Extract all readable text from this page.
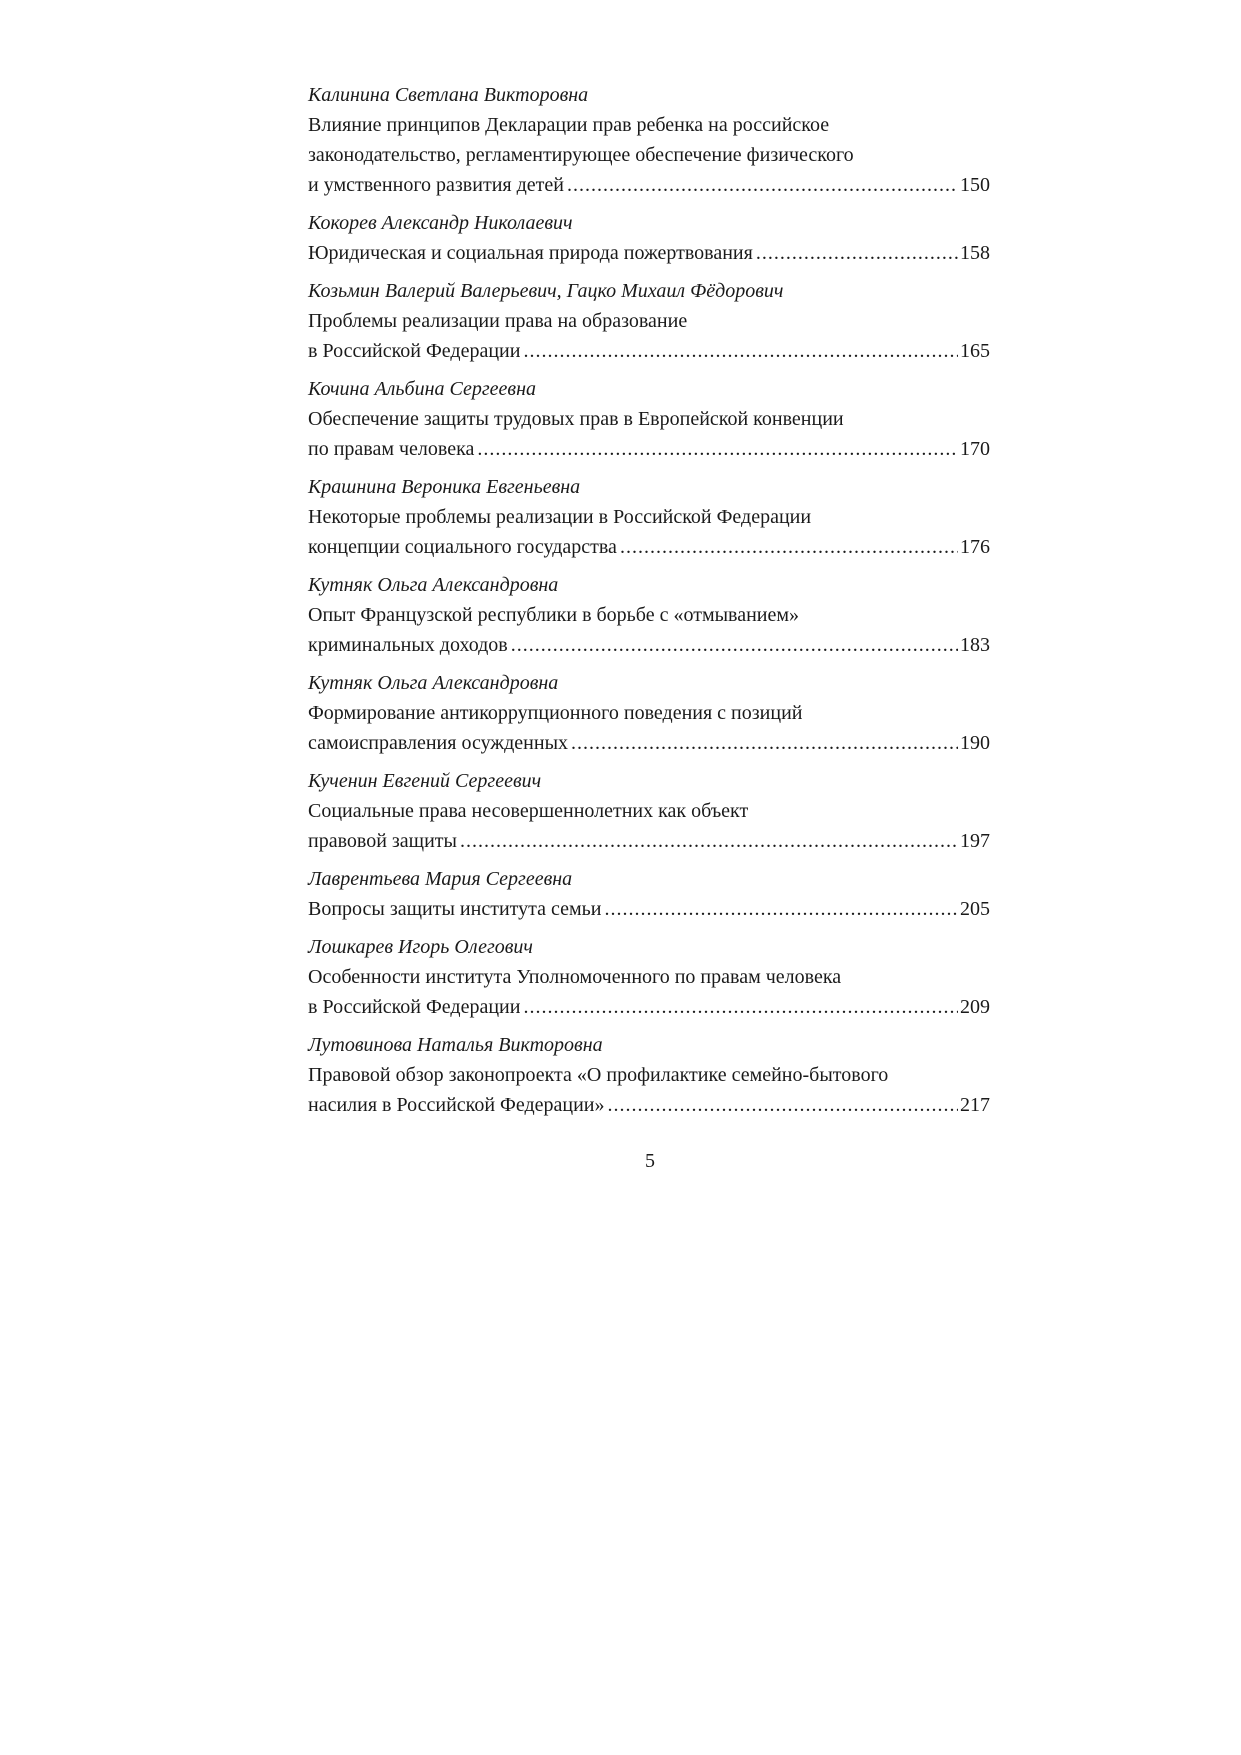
Калинина Светлана Викторовна
Влияние принципов Декларации прав ребенка на российское
законодательство, регламентирующее обеспечение физического
и умственного развития детей .....	150
Кокорев Александр Николаевич
Юридическая и социальная природа пожертвования .....	158
Козьмин Валерий Валерьевич, Гацко Михаил Фёдорович
Проблемы реализации права на образование
в Российской Федерации .....	165
Кочина Альбина Сергеевна
Обеспечение защиты трудовых прав в Европейской конвенции
по правам человека .....	170
Крашнина Вероника Евгеньевна
Некоторые проблемы реализации в Российской Федерации
концепции социального государства .....	176
Кутняк Ольга Александровна
Опыт Французской республики в борьбе с «отмыванием»
криминальных доходов .....	183
Кутняк Ольга Александровна
Формирование антикоррупционного поведения с позиций
самоисправления осужденных .....	190
Кученин Евгений Сергеевич
Социальные права несовершеннолетних как объект
правовой защиты .....	197
Лаврентьева Мария Сергеевна
Вопросы защиты института семьи .....	205
Лошкарев Игорь Олегович
Особенности института Уполномоченного по правам человека
в Российской Федерации .....	209
Лутовинова Наталья Викторовна
Правовой обзор законопроекта «О профилактике семейно-бытового
насилия в Российской Федерации» .....	217
5
